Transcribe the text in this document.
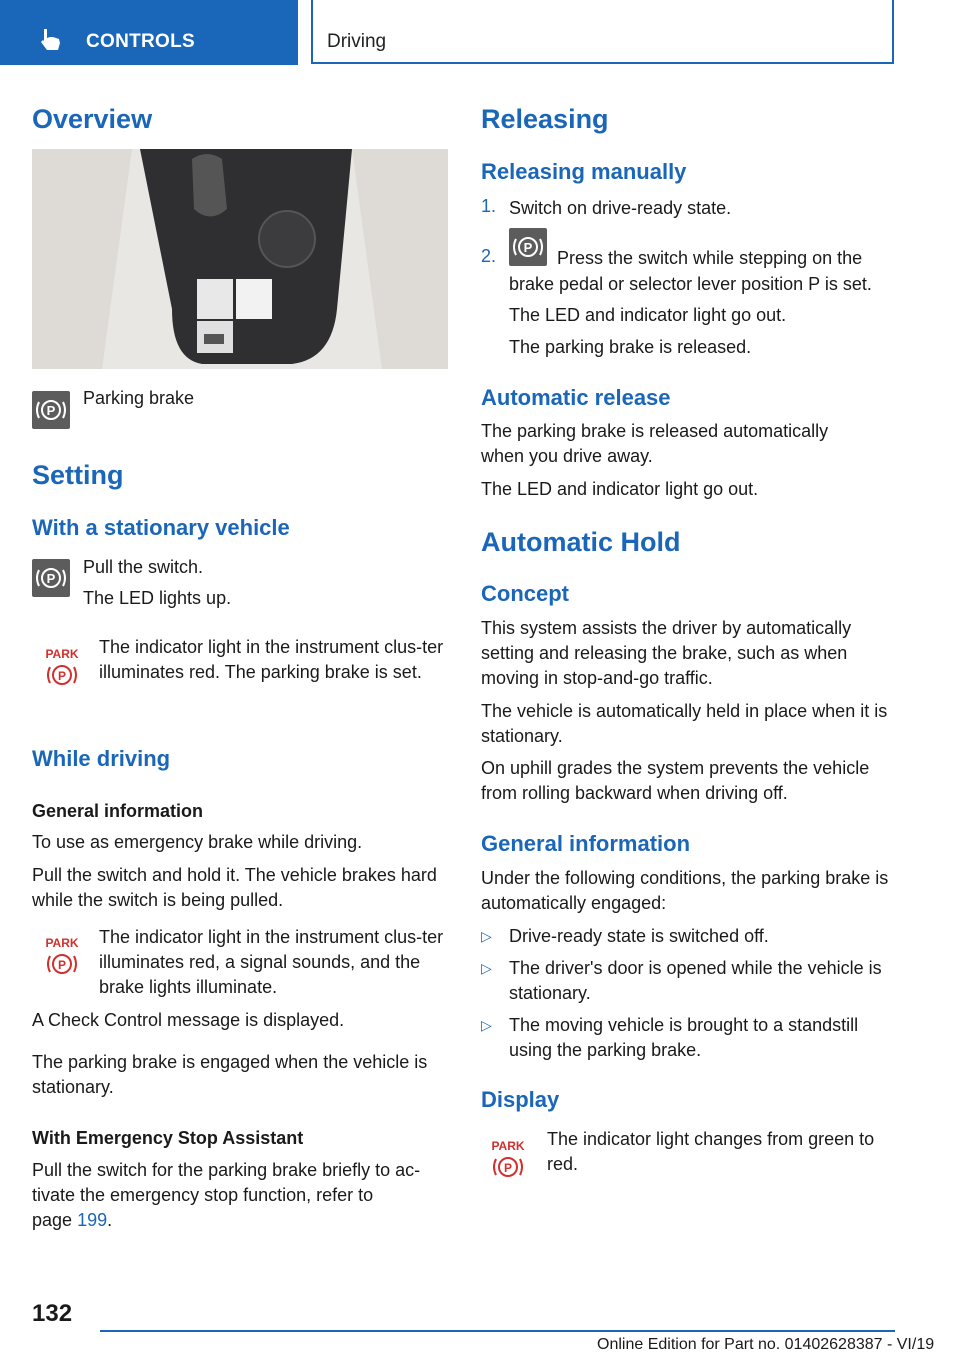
CONTROLS	Driving
Overview
P
Parking brake
Setting
With a stationary vehicle
P
Pull the switch.
The LED lights up.
PARK
P
The indicator light in the instrument clus-ter illuminates red. The parking brake is set.
While driving
General information
To use as emergency brake while driving.
Pull the switch and hold it. The vehicle brakes hard while the switch is being pulled.
PARK
P
The indicator light in the instrument clus-ter illuminates red, a signal sounds, and the brake lights illuminate.
A Check Control message is displayed.
The parking brake is engaged when the vehicle is stationary.
With Emergency Stop Assistant
Pull the switch for the parking brake briefly to ac-tivate the emergency stop function, refer to
page 199.
Releasing
Releasing manually
1. Switch on drive-ready state.
2. P
Press the switch while stepping on the
brake pedal or selector lever position P is set.
The LED and indicator light go out.
The parking brake is released.
Automatic release
The parking brake is released automatically when you drive away.
The LED and indicator light go out.
Automatic Hold
Concept
This system assists the driver by automatically setting and releasing the brake, such as when moving in stop-and-go traffic.
The vehicle is automatically held in place when it is stationary.
On uphill grades the system prevents the vehicle from rolling backward when driving off.
General information
Under the following conditions, the parking brake is automatically engaged:
▷ Drive-ready state is switched off.
▷ The driver's door is opened while the vehicle is stationary.
▷ The moving vehicle is brought to a standstill using the parking brake.
Display
PARK
P
The indicator light changes from green to red.
132
Online Edition for Part no. 01402628387 - VI/19
